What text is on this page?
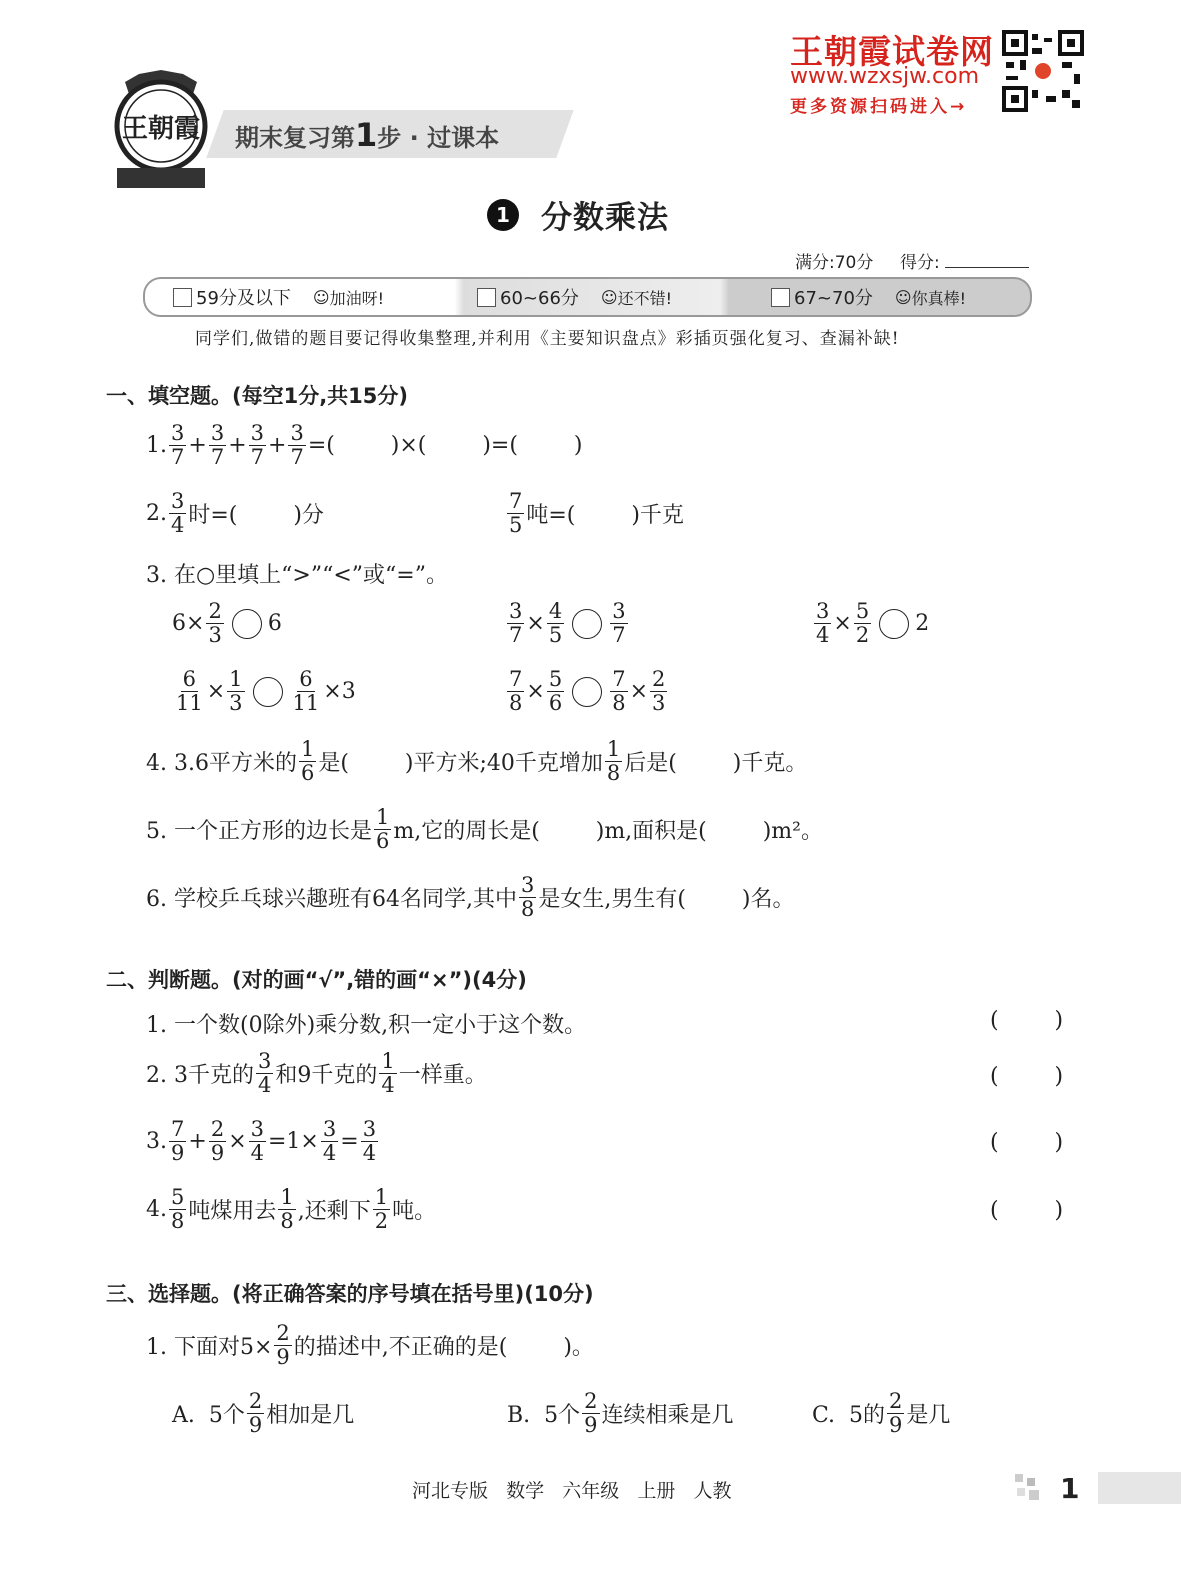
王朝霞 期末复习第1步 · 过课本
王朝霞试卷网
www.wzxsjw.com
更多资源扫码进入→
1 分数乘法
满分:70分 得分:
59分及以下 ☺ 加油呀!	60~66分 ☺ 还不错!	67~70分 ☺ 你真棒!
同学们,做错的题目要记得收集整理,并利用《主要知识盘点》彩插页强化复习、查漏补缺!
一、填空题。(每空1分,共15分)
1. $\frac{3}{7} + \frac{3}{7} + \frac{3}{7} + \frac{3}{7}$ =(        )×(        )=(        )
2. $\frac{3}{4}$ 时=(        )分	$\frac{7}{5}$ 吨=(        )千克
3. 在○里填上“>”“<”或“=”。
$6\times \frac{2}{3} 6$	$\frac{3}{7} \times \frac{4}{5} \frac{3}{7}$	$\frac{3}{4} \times \frac{5}{2} 2$
$\frac{6}{11} \times \frac{1}{3} \frac{6}{11} \times 3$	$\frac{7}{8} \times \frac{5}{6} \frac{7}{8} \times \frac{2}{3}$
4. 3.6平方米的 $\frac{1}{6}$ 是(        )平方米;40千克增加 $\frac{1}{8}$ 后是(        )千克。
5. 一个正方形的边长是 $\frac{1}{6} m$,它的周长是(        )m,面积是(        )m²。
6. 学校乒乓球兴趣班有64名同学,其中 $\frac{3}{8}$ 是女生,男生有(        )名。
二、判断题。(对的画“√”,错的画“×”)(4分)
1. 一个数(0除外)乘分数,积一定小于这个数。	(        )
2. 3千克的 $\frac{3}{4}$ 和9千克的 $\frac{1}{4}$ 一样重。	(        )
3. $\frac{7}{9} + \frac{2}{9} \times \frac{3}{4} =1\times \frac{3}{4} = \frac{3}{4}$	(        )
4. $\frac{5}{8}$ 吨煤用去 $\frac{1}{8}$ ,还剩下 $\frac{1}{2}$ 吨。	(        )
三、选择题。(将正确答案的序号填在括号里)(10分)
1. 下面对$5\times \frac{2}{9}$ 的描述中,不正确的是(        )。
A.  5个 $\frac{2}{9}$ 相加是几	B.  5个 $\frac{2}{9}$ 连续相乘是几	C.  5的 $\frac{2}{9}$ 是几
河北专版   数学   六年级   上册   人教	1
